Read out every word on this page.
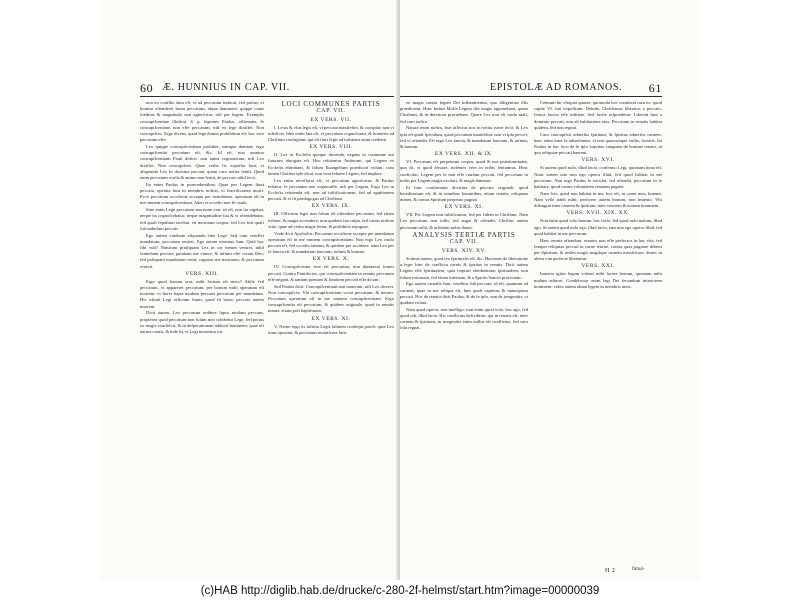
60 Æ. HUNNIUS IN CAP. VII.

non eo confilio data eft, vt ad peccatum inducat, fed potius, vt homini oftenderet fuum peccatum, idque damnaret: quippe cuius foeditas & magnitudo non agnofcitur, nifi per legem. Exemplis concupifcentiae illuftrat. S. p. legentes Paulus, affirmans, fe concupifcentiam non effe peccatum, nifi ex lege dixiffet: Non concupifces. Ergo dicens, quod lege diuina prohibitum eft, hoc vere peccatum effe.

Lex quippe concupifcentiam prohibet, eamque damnat; ergo concupifcentia peccatum eft, &c. Id eft, non omnino concupifcentiam Pauli didicit: non antea cognoueram, nifi Lex dixiffet, Non concupifces. Quae verba fic expofita funt, vt aliquando Lex fit doctrina peccati, quam caro noftra fentit. Quod enim peccatum oculis & animo non fentit, de peccato nihil fecit.

Ita enim Paulus in praecedentibus: Quae per Legem fiunt peccata, operata funt in membris noftris, vt fructificarent morti. Ecce peccatum occafione accepta per mandatum, operatum eft in me omnem concupifcentiam. Adeo vt occafio non fit caufa.

Sine enim Lege peccatum mortuum erat: id eft, non ita vigebat, neque ita cognofcebatur, neque magnitudine fua & vi oftendebatur, fed quafi fepultum iacebat, vti mortuum corpus: fed Lex fuit quafi fufcitabulum peccati.

Ego autem viuebam aliquando fine Lege. Sed cum veniffet mandatum, peccatum reuixit. Ego autem mortuus fum. Quid hoc fibi vult? Nimirum priufquam Lex in cor meum veniret, nihil fentiebam peccati; putabam me viuere, & iuftum effe coram Deo; fed poftquam mandatum venit, cognoui me mortuum, & peccatum reuixit.

VERS. XIII.

Ergo quod bonum erat, mihi factum eft mors? Abfit: fed peccatum, vt appareret peccatum, per bonum mihi operatum eft mortem: vt fieret fupra modum peccans peccatum per mandatum. Hic tribuit Legi officium fuum, quod fit bona; peccato autem mortem.

Dicit autem, Lex peccatum reddere fupra modum peccans, propterea quod peccatum non folum non cohibetur Lege, fed potius eo magis exarfefcit, & in defperationem adducit hominem: quae eft natura carnis, & inde fit, vt Legi moueatur ira.

LOCI COMMUNES PARTIS

CAP. VII.

EX VERS. VII.

I. Lexis & vfus legis eft, vt peccata manifeftet, & corripiat: non vt iuftificet. Ideo enim lata eft, vt peccatum cognofcatur, & homines ad Chriftum confugiant, qui eft finis legis ad iuftitiam omni credenti.

EX VERS. VIII.

II. Lex in Ecclefia quoque docenda, negans in commune aut futurum abrogata eft. Hoc refutantur Antinomi, qui Legem ex Ecclefia eliminant, & folum Euangelium praedicari volunt: cum tamen Chriftus ipfe dicat, non veni foluere Legem, fed implere.

Lex enim neceffaria eft, vt peccatum agnofcatur; & Paulus teftatur, fe peccatum non cognouiffe, nifi per Legem. Ergo Lex in Ecclefia retinenda eft, non ad iuftificationem, fed ad agnitionem peccati, & vt fit paedagogus ad Chriftum.

EX VERS. IX.

III. Officium legis non folum eft oftendere peccatum, fed etiam irritare, & magis accendere; non quidem fua culpa, fed carnis noftrae vitio, quae ad vetita magis fertur, & prohibitis repugnat.

Vnde dicit Apoftolus: Peccatum occafione accepta per mandatum operatum eft in me omnem concupifcentiam. Non ergo Lex caufa peccati eft, fed occafio tantum, & quidem per accidens: nam Lex per fe fancta eft, & mandatum fanctum, iuftum & bonum.

EX VERS. X.

IV. Concupifcentia vere eft peccatum, non dumtaxat fomes peccati. Contra Pontificios, qui concupifcentiam in renatis peccatum effe negant, & tantum poenam & fomitem peccati effe dicunt.

Sed Paulus dicit: Concupifcentiam non noueram, nifi Lex diceret, Non concupifces. Vbi concupifcentiam vocat peccatum; & iterum: Peccatum operatum eft in me omnem concupifcentiam. Ergo concupifcentia eft peccatum, & quidem originale, quod in renatis manet, etiam poft baptifmum.

EX VERS. XI.

V. Nemo ergo ex iuftitia Legis falutem confequi poteft, quia Lex iram operatur, & peccatum reuiuifcere facit.

EPISTOLÆ AD ROMANOS. 61

eo magis contra legem Dei inflammentur, quo diligentius illis praedicetur. Hinc Iudaei Mofis Legem fibi magis opponebant, quam Chriftum, & in deteriora proruebant. Quare Lex non eft caufa mali, fed caro noftra.

Natura enim noftra, fiue affectus nos in vetita ruere fecit: & Lex ipfa eft quafi fpeculum, quod peccatum manifeftat: non vt ipfa peccet, fed vt oftendat. Eft ergo Lex fancta, & mandatum fanctum, & iuftum, & bonum.

EX VERS. XII. & IX.

VI. Peccatum eft perpetuum corpus, quod & nos praedominatur, quo fit, vt quod feruare, nolentes vero in nobis fentiamus. Hinc conficitur, Legem per fe non effe caufam peccati, fed peccatum in nobis per Legem magis excitari, & magis damnari.

Et hinc confirmatur doctrina de peccato originali, quod hereditarium eft, & in omnibus hominibus, etiam renatis, reliquum manet, & contra Spiritum perpetuo pugnat.

EX VERS. XI.

VII. Per Legem non iuftificamur, fed per fidem in Chriftum. Nam Lex peccatum non tollit, fed auget & oftendit; Chriftus autem peccatum tollit, & iuftitiam nobis donat.

ANALYSIS TERTIÆ PARTIS

CAP. VII.

VERS. XIV. XV.

Scimus autem, quod lex fpiritualis eft, &c. Hactenus de liberatione a lege: hinc de conflictu carnis & fpiritus in renatis. Dicit autem Legem effe fpiritualem, quia requirit obedientiam fpiritualem, non folum externam, fed etiam internam, & a Spiritu Sancto profectam.

Ego autem carnalis fum, venditus fub peccato: id eft, quantum ad carnem, quae in me reliqua eft, fum quafi captiuus & mancipium peccati. Hoc de renatis dicit Paulus, & de fe ipfo, non de irregenitis, vt quidam volunt.

Nam quod operor, non intelligo: non enim quod volo, hoc ago, fed quod odi, illud facio. Hic conflictus defcribitur, qui in renatis eft, inter carnem & fpiritum; in irregenitis enim nullus eft conflictus, fed caro fola regnat.

Cennum hic eloquia quaere, quomodo hoc contineat cum eo, quod capite VI. fuit expofitum: Deinde, Chriftianos liberatos a peccato, feruos factos effe iuftitiae. Sed facile refpondetur: Liberati funt a dominio peccati, non ab habitatione eius. Peccatum in renatis habitat quidem, fed non regnat.

Caro concupifcit aduerfus fpiritum, & fpiritus aduerfus carnem: haec enim inter fe aduerfantur, vt non quaecunque vultis, faciatis. Ita Paulus in hoc loco de fe ipfo loquitur, tanquam de homine renato, in quo reliquiae peccati haerent.

VERS. XVI.

Si autem quod nolo, illud facio, confentio Legi, quoniam bona eft. Nunc autem iam non ego operor illud, fed quod habitat in me peccatum. Non ergo Paulus fe excufat, fed oftendit, peccatum in fe habitare, quod contra voluntatem renatam pugnet.

Nam fcio, quod non habitat in me, hoc eft, in carne mea, bonum. Nam velle adeft mihi; perficere autem bonum, non inuenio. Vbi diftinguit inter carnem & fpiritum, inter veterem & nouum hominem.

VERS. XVII. XIX. XX.

Non enim quod volo bonum, hoc facio, fed quod nolo malum, illud ago. Si autem quod nolo ego, illud facio, iam non ego operor illud, fed quod habitat in me peccatum.

Haec omnia oftendunt, renatos non effe perfectos in hac vita, fed femper reliquias peccati in carne fentire, contra quas pugnare debent per Spiritum, & indies magis magifque carnem mortificare, donec in altera vita perfecte liberentur.

VERS. XXI.

Inuenio igitur legem volenti mihi facere bonum, quoniam mihi malum adiacet. Condelector enim legi Dei fecundum interiorem hominem: video autem aliam legem in membris meis.

H 2	fimul-
(c)HAB http://diglib.hab.de/drucke/c-280-2f-helmst/start.htm?image=00000039
